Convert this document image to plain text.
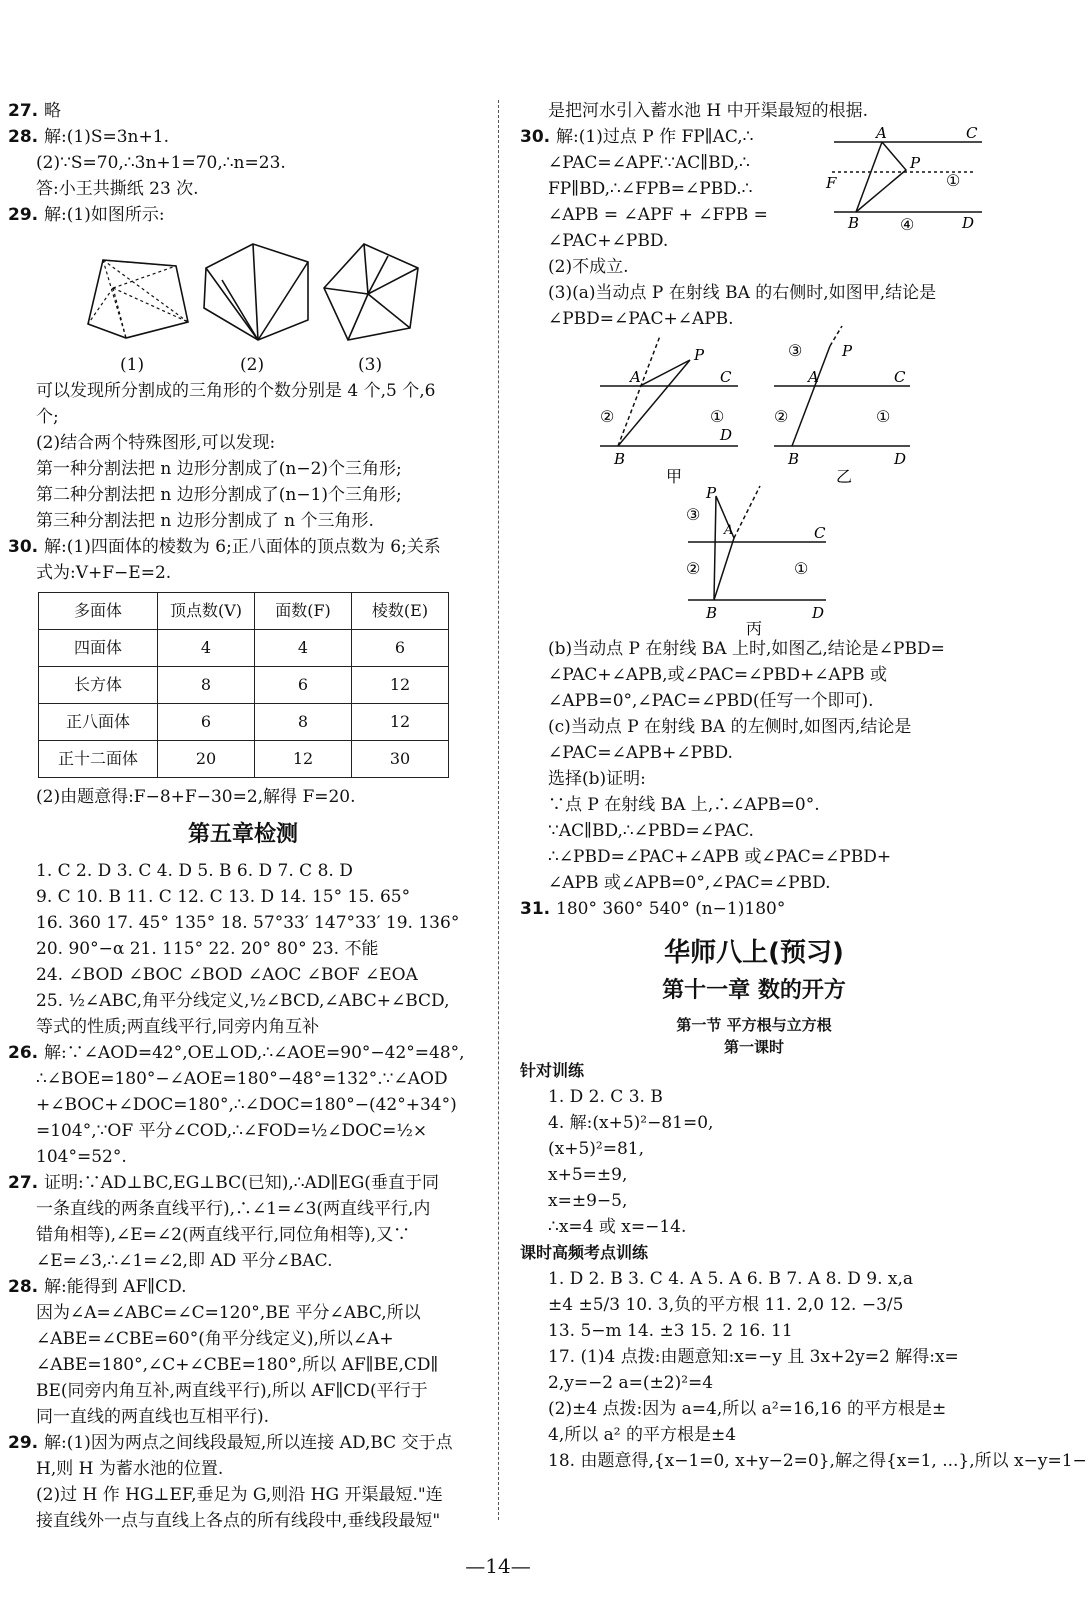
27. 略
28. 解:(1)S=3n+1.
(2)∵S=70,∴3n+1=70,∴n=23.
答:小王共撕纸 23 次.
29. 解:(1)如图所示:
(1)	(2)	(3)
可以发现所分割成的三角形的个数分别是 4 个,5 个,6
个;
(2)结合两个特殊图形,可以发现:
第一种分割法把 n 边形分割成了(n−2)个三角形;
第二种分割法把 n 边形分割成了(n−1)个三角形;
第三种分割法把 n 边形分割成了 n 个三角形.
30. 解:(1)四面体的棱数为 6;正八面体的顶点数为 6;关系
式为:V+F−E=2.
多面体	顶点数(V)	面数(F)	棱数(E)
四面体	4	4	6
长方体	8	6	12
正八面体	6	8	12
正十二面体	20	12	30
(2)由题意得:F−8+F−30=2,解得 F=20.
第五章检测
1. C 2. D 3. C 4. D 5. B 6. D 7. C 8. D
9. C 10. B 11. C 12. C 13. D 14. 15° 15. 65°
16. 360 17. 45° 135° 18. 57°33′ 147°33′ 19. 136°
20. 90°−α 21. 115° 22. 20° 80° 23. 不能
24. ∠BOD ∠BOC ∠BOD ∠AOC ∠BOF ∠EOA
25. ½∠ABC,角平分线定义,½∠BCD,∠ABC+∠BCD,
等式的性质;两直线平行,同旁内角互补
26. 解:∵∠AOD=42°,OE⊥OD,∴∠AOE=90°−42°=48°,
∴∠BOE=180°−∠AOE=180°−48°=132°.∵∠AOD
+∠BOC+∠DOC=180°,∴∠DOC=180°−(42°+34°)
=104°,∵OF 平分∠COD,∴∠FOD=½∠DOC=½×
104°=52°.
27. 证明:∵AD⊥BC,EG⊥BC(已知),∴AD∥EG(垂直于同
一条直线的两条直线平行),∴∠1=∠3(两直线平行,内
错角相等),∠E=∠2(两直线平行,同位角相等),又∵
∠E=∠3,∴∠1=∠2,即 AD 平分∠BAC.
28. 解:能得到 AF∥CD.
因为∠A=∠ABC=∠C=120°,BE 平分∠ABC,所以
∠ABE=∠CBE=60°(角平分线定义),所以∠A+
∠ABE=180°,∠C+∠CBE=180°,所以 AF∥BE,CD∥
BE(同旁内角互补,两直线平行),所以 AF∥CD(平行于
同一直线的两直线也互相平行).
29. 解:(1)因为两点之间线段最短,所以连接 AD,BC 交于点
H,则 H 为蓄水池的位置.
(2)过 H 作 HG⊥EF,垂足为 G,则沿 HG 开渠最短."连
接直线外一点与直线上各点的所有线段中,垂线段最短"
是把河水引入蓄水池 H 中开渠最短的根据.
30. 解:(1)过点 P 作 FP∥AC,∴
∠PAC=∠APF.∵AC∥BD,∴
FP∥BD,∴∠FPB=∠PBD.∴
∠APB = ∠APF + ∠FPB =
∠PAC+∠PBD.
(2)不成立.
(3)(a)当动点 P 在射线 BA 的右侧时,如图甲,结论是
∠PBD=∠PAC+∠APB.
A	C
P
F	①
B	④	D
A
P
C
②	①
D
B
甲
③
A
P
C
②	①
B	D
乙
P
③
A	C
②	①
B	D
丙
(b)当动点 P 在射线 BA 上时,如图乙,结论是∠PBD=
∠PAC+∠APB,或∠PAC=∠PBD+∠APB 或
∠APB=0°,∠PAC=∠PBD(任写一个即可).
(c)当动点 P 在射线 BA 的左侧时,如图丙,结论是
∠PAC=∠APB+∠PBD.
选择(b)证明:
∵点 P 在射线 BA 上,∴∠APB=0°.
∵AC∥BD,∴∠PBD=∠PAC.
∴∠PBD=∠PAC+∠APB 或∠PAC=∠PBD+
∠APB 或∠APB=0°,∠PAC=∠PBD.
31. 180° 360° 540° (n−1)180°
华师八上(预习)
第十一章 数的开方
第一节 平方根与立方根
第一课时
针对训练
1. D 2. C 3. B
4. 解:(x+5)²−81=0,
(x+5)²=81,
x+5=±9,
x=±9−5,
∴x=4 或 x=−14.
课时高频考点训练
1. D 2. B 3. C 4. A 5. A 6. B 7. A 8. D 9. x,a
±4 ±5/3 10. 3,负的平方根 11. 2,0 12. −3/5
13. 5−m 14. ±3 15. 2 16. 11
17. (1)4 点拨:由题意知:x=−y 且 3x+2y=2 解得:x=
2,y=−2 a=(±2)²=4
(2)±4 点拨:因为 a=4,所以 a²=16,16 的平方根是±
4,所以 a² 的平方根是±4
18. 由题意得,{x−1=0, x+y−2=0},解之得{x=1, ...},所以 x−y=1−
—14—
